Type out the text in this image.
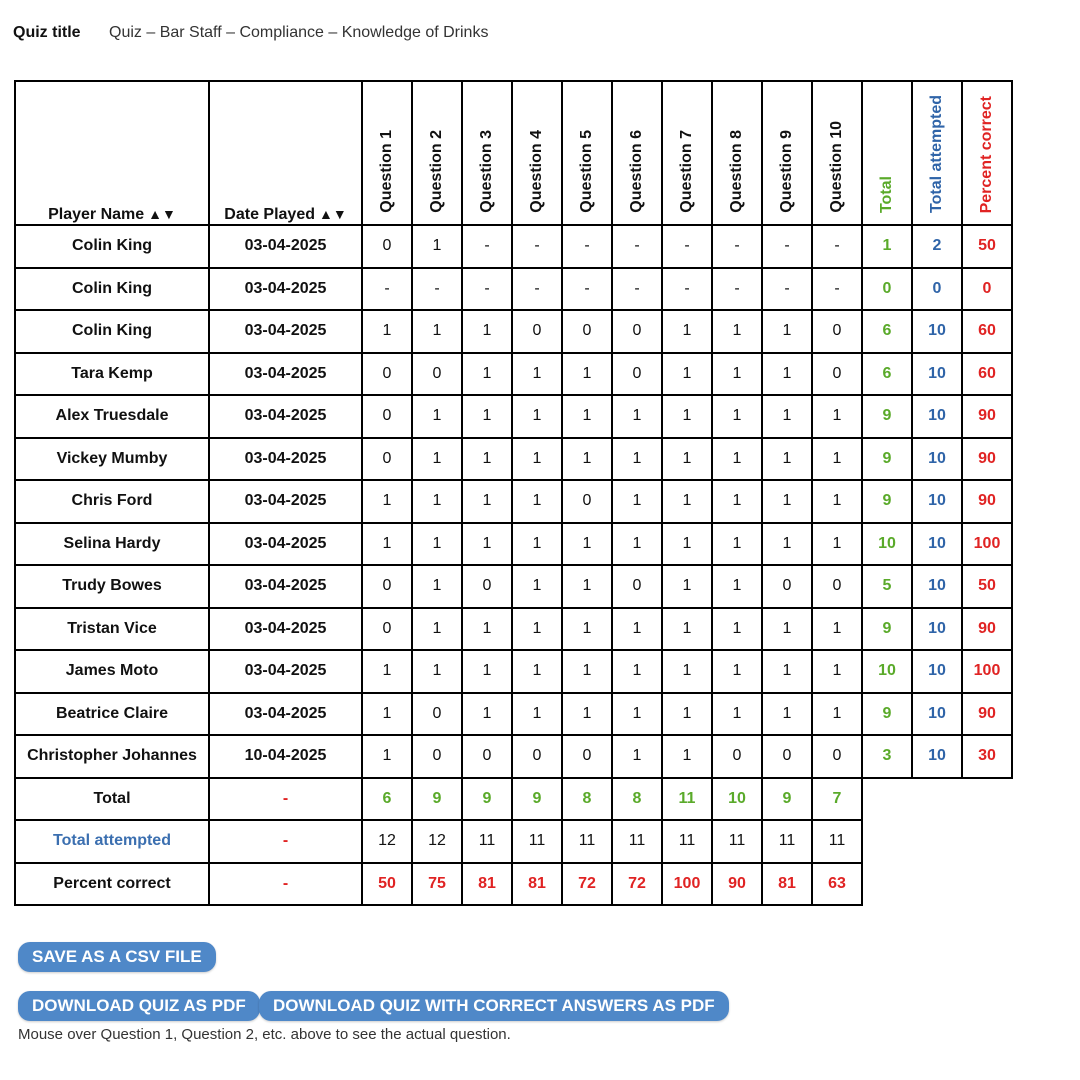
Quiz title	Quiz – Bar Staff – Compliance – Knowledge of Drinks
Player Name ▲▼	Date Played ▲▼	Question 1	Question 2	Question 3	Question 4	Question 5	Question 6	Question 7	Question 8	Question 9	Question 10	Total	Total attempted	Percent correct
Colin King	03-04-2025	0	1	-	-	-	-	-	-	-	-	1	2	50
Colin King	03-04-2025	-	-	-	-	-	-	-	-	-	-	0	0	0
Colin King	03-04-2025	1	1	1	0	0	0	1	1	1	0	6	10	60
Tara Kemp	03-04-2025	0	0	1	1	1	0	1	1	1	0	6	10	60
Alex Truesdale	03-04-2025	0	1	1	1	1	1	1	1	1	1	9	10	90
Vickey Mumby	03-04-2025	0	1	1	1	1	1	1	1	1	1	9	10	90
Chris Ford	03-04-2025	1	1	1	1	0	1	1	1	1	1	9	10	90
Selina Hardy	03-04-2025	1	1	1	1	1	1	1	1	1	1	10	10	100
Trudy Bowes	03-04-2025	0	1	0	1	1	0	1	1	0	0	5	10	50
Tristan Vice	03-04-2025	0	1	1	1	1	1	1	1	1	1	9	10	90
James Moto	03-04-2025	1	1	1	1	1	1	1	1	1	1	10	10	100
Beatrice Claire	03-04-2025	1	0	1	1	1	1	1	1	1	1	9	10	90
Christopher Johannes	10-04-2025	1	0	0	0	0	1	1	0	0	0	3	10	30
Total	-	6	9	9	9	8	8	11	10	9	7			
Total attempted	-	12	12	11	11	11	11	11	11	11	11			
Percent correct	-	50	75	81	81	72	72	100	90	81	63			
SAVE AS A CSV FILE
DOWNLOAD QUIZ AS PDF	DOWNLOAD QUIZ WITH CORRECT ANSWERS AS PDF
Mouse over Question 1, Question 2, etc. above to see the actual question.
